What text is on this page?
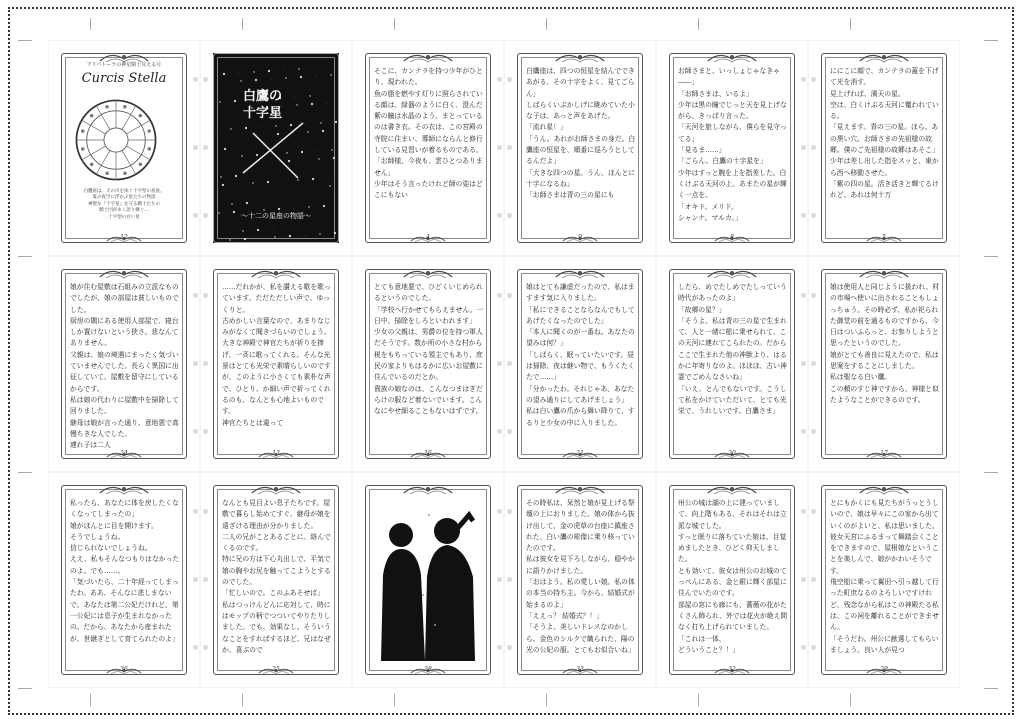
アリバトーラの神星騎士見える月
Curcis Stella
白鷹座は、天の川を泳ぐ十字型の星座。
夏の夜空に浮かぶ星たちの物語
神聖な『十字星』を守る騎士たちの
騎士団が永く語り継ぐ…
十字型の白い星
12
白鷹の
十字星
〜十二の星座の物語〜
そこに、カンテラを持つ少年がひとり、現われた。
魚の脂を燃やす灯りに照らされている顔は、緑器のように白く、澄んだ紫の瞳は水晶のよう。まとっているのは書き衣。その衣は、この宮殿の寺院に住まい、導師にならんと修行している見習いが着るものである。
「お師様、今夜も、雲ひとつありません」
少年はそう言ったけれど師の姿はどこにもない
4
白鷹座は、四つの恒星を結んでできあがる、その十字をよく、見てごらん」
しばらくいぶかしげに眺めていた小な子は、あっと声をあげた。
「流れ星！」
「うん。あれがお師さまの身だ。白鷹座の恒星を、順番に巡ろうとしてるんだよ」
「大きな四つの星。うん、ほんとに十字になるね」
「お師さまは青の三の星にも
9
お師さまと、いっしょじゃなきゃ――」
「お師さまは、いるよ」
少年は黒の瞳でじっと天を見上げながら、きっぱり言った。
「天河を旅しながら、僕らを見守ってる」
「見るま……」
「ごらん。白鷹の十字星を」
少年はすっと腕を上を指差した。白くけぶる天河の上、あまたの星が輝く一点を。
「オキド。メリド。
シャンナ。マルカ。」
8
ににこに顔で、カンテラの蓋を下げて光を消す。
見上げれば、満天の星。
空は、白くけぶる天河に覆われている。
「見えます。青の三の星。ほら、あの黒い穴。お師さまの先祖様の故郷。僕のご先祖様の故郷はあそこ」
少年は差し出した指をスッと、東から西へ移動させた。
「紫の四の星。活き活きと輝てるけれど、あれは何十万
5
娘が住む屋敷は石組みの立派なものでしたが、娘の部屋は貧しいものでした。
厨房の隅にある使用人部屋で、寝台しか置けないという狭さ。悲なんてありません。
父親は、娘の境遇にまったく気づいていませんでした。長らく異国に出征していて、屋敷を留守にしているからです。
私は娘の代わりに屋敷中を掃除して回りました。
継母は娘が言った通り、意地悪で高慢ちきな人でした。
連れ子は二人
24
……だれかが、私を讃える歌を歌っています。ただただしい声で、ゆっくりと。
古めかしい言葉なので、あまりなじみがなくて聞きづらいのでしょう。
大きな神殿で神官たちが祈りを捧げ、一斉に歌ってくれる。そんな光景はとても光栄で素晴らしいのですが、このように小さくても素朴な声で、ひとり、か細い声で祈ってくれるのも、なんとも心地よいものです。
神官たちとは違って
13
とても意地悪で、ひどくいじめられるというのでした。
「学校へ行かせてもらえません。一日中、掃除をしろといわれます」
少女の父親は、男爵の位を持つ軍人だそうです。数か所の小さな村から税をもちっている領主でもあり、庶民の家よりもはるかに広いお屋敷に住んでいるのだとか。
貴族の娘なのは、こんなつまはぎだらけの服など着ないでいます。こんなにやせ細ることもないはずです。
16
娘はとても謙虚だったので、私はますます気に入りました。
「私にできることならなんでもしてあげたくなったのでした」
「本人に聞くのが一番ね。あなたの望みは何？」
「しばらく、眠っていたいです。昼は掃除、夜は継い物で、もうくたくたで……」
「分かったわ。それじゃあ、あなたの望み通りにしてあげましょう」
私は白い鷹の爪から舞い降りて、するりと少女の中に入りました。
21
したら、めでたしめでたしっていう時代があったのよ」
「故郷の星？」
「そうよ。私は青の三の星で生まれて、人と一緒に船に乗せられて、この天河に連れてこられたの。だからここで生まれた他の神獣より、はるかに年寄りなのよ。ほほほ、古い神霊でごめんなさいね」
「いえ、とんでもないです。こうして私をかけていただいて、とても光栄で、うれしいです。白鷹さま」
20
娘は使用人と同じように扱われ、村の市場へ使いに出されることもしょっちゅう。その時必ず、私が祀られた御堂の前を通るものですから、今日はついふらっと、お参りしようと思ったというのでした。
娘がとても善良に見えたので、私は思案をすることにしました。
私は聖なる白い鷹。
この頼のすじ神ですから、神様と似たようなことができるのです。
17
私ったら、あなたに体を戻したくなくなってしまったの」
娘がほんとに目を開けます。
そうでしょうね。
信じられないでしょうね。
ええ、私もそんなつもりはなかったのよ。でも……。
「気づいたら、二十年経ってしまったわ。ああ、そんなに悲しまないで。あなたは第二公妃だけれど、第一公妃には息子が生まれなかったの。だから、あなたから産まれたが、世継ぎとして育てられたのよ」
36
なんとも見目よい息子たちです。屋敷で暮らし始めてすぐ、継母が娘を遠ざける理由が分かりました。
二人の兄がことあるごとに、絡んでくるのです。
特に兄の方は下心丸出しで、平気で娘の胸やお尻を触ってこようとするのでした。
「忙しいので。このふあそせば」
私はつっけんどんに応対して、時にはモップの柄でつついてやりたりしました。でも、効果なし。そういうなことをすればするほど、兄はなぜか、喜ぶので
25	28
その時私は、呆然と娘が見上げる祭壇の上におりました。娘の体から抜け出して、金の虎草の台座に鎮座された、白い鷹の彫像に乗り移っていたのです。
私は彼女を見下ろしながら、穏やかに語りかけました。
「おはよう。私の愛しい娘。私の体の本当の持ち主。今から、結婚式が始まるのよ」
「ええっ？ 結婚式？！」
「そうよ。美しいドレスなのかしら。金色のシルクで織られた、陽の光の公妃の服。とてもお似合いね」
33
州公の城は湖の上に建っていまして、向上階もある、それはそれは立派な城でした。
すっと眠りに落ちていた娘は、目覚めましたとき、ひどく仰天しました。
とも効いて、彼女は州公のお城のてっぺんにある、金と銀に輝く部屋に住んでいたのです。
部屋の窓にも廊にも、薔薇の花がたくさん飾られ、外では花火が絶え間なく打ち上げられていました。
「これは一体、
どういうこと？！」
32
とにもかくにも見たちがうっとうしいので、娘は早々にこの家から出ていくのがよいと、私は思いました。
彼女天宮にふるまって舞踏会くことをできますので、屋根娘なということを楽しんで、娘がかわいそうです。
飛空船に乗って翼田へ引っ越して行った町庶なるのよろしいですけれど、残念ながら私はこの神殿たる私は、この祠を離れることができません。
「そうだわ。州公に献選してもらいましょう。良い人が見つ
29
